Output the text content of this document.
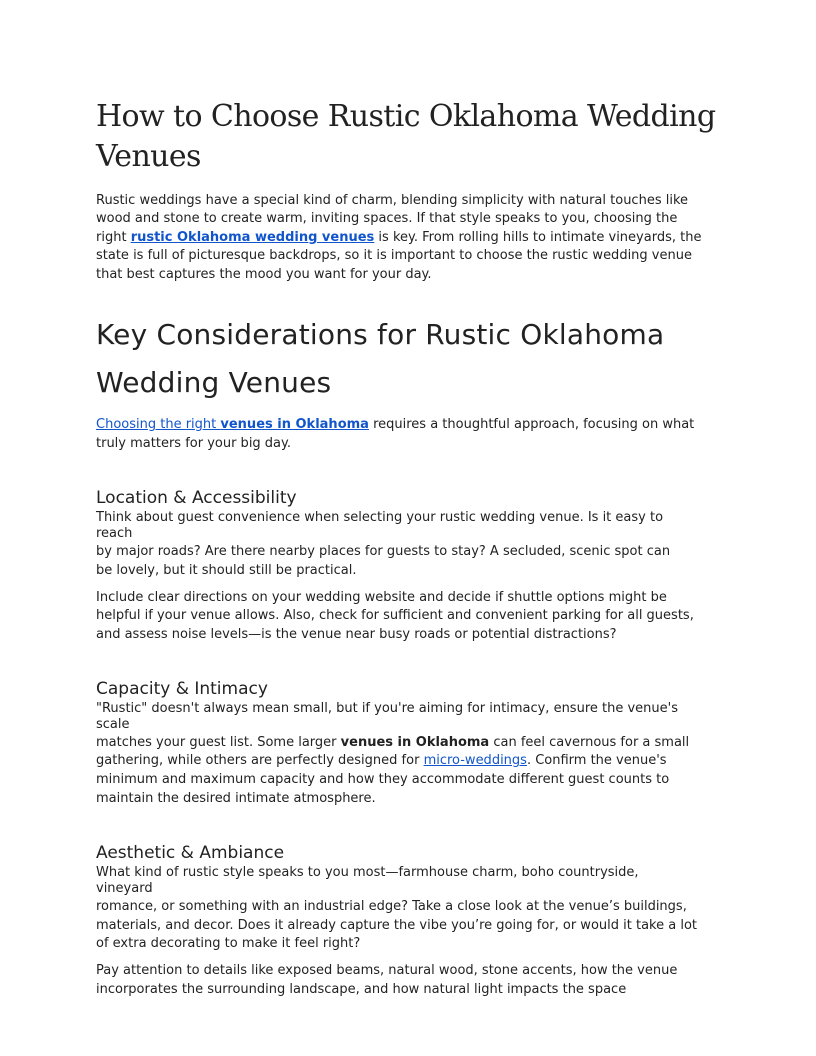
How to Choose Rustic Oklahoma Wedding
Venues
Rustic weddings have a special kind of charm, blending simplicity with natural touches like
wood and stone to create warm, inviting spaces. If that style speaks to you, choosing the
right rustic Oklahoma wedding venues is key. From rolling hills to intimate vineyards, the
state is full of picturesque backdrops, so it is important to choose the rustic wedding venue
that best captures the mood you want for your day.
Key Considerations for Rustic Oklahoma
Wedding Venues
Choosing the right venues in Oklahoma requires a thoughtful approach, focusing on what
truly matters for your big day.
Location & Accessibility
Think about guest convenience when selecting your rustic wedding venue. Is it easy to
reach
by major roads? Are there nearby places for guests to stay? A secluded, scenic spot can
be lovely, but it should still be practical.
Include clear directions on your wedding website and decide if shuttle options might be
helpful if your venue allows. Also, check for sufficient and convenient parking for all guests,
and assess noise levels—is the venue near busy roads or potential distractions?
Capacity & Intimacy
"Rustic" doesn't always mean small, but if you're aiming for intimacy, ensure the venue's
scale
matches your guest list. Some larger venues in Oklahoma can feel cavernous for a small
gathering, while others are perfectly designed for micro-weddings. Confirm the venue's
minimum and maximum capacity and how they accommodate different guest counts to
maintain the desired intimate atmosphere.
Aesthetic & Ambiance
What kind of rustic style speaks to you most—farmhouse charm, boho countryside,
vineyard
romance, or something with an industrial edge? Take a close look at the venue’s buildings,
materials, and decor. Does it already capture the vibe you’re going for, or would it take a lot
of extra decorating to make it feel right?
Pay attention to details like exposed beams, natural wood, stone accents, how the venue
incorporates the surrounding landscape, and how natural light impacts the space
